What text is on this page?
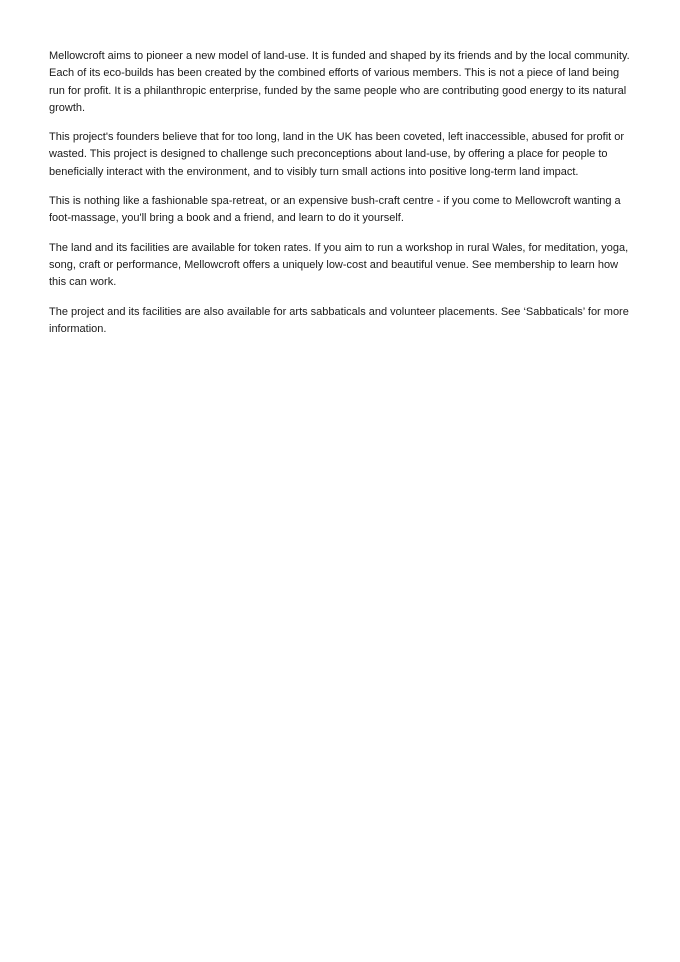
Mellowcroft aims to pioneer a new model of land-use. It is funded and shaped by its friends and by the local community. Each of its eco-builds has been created by the combined efforts of various members. This is not a piece of land being run for profit. It is a philanthropic enterprise, funded by the same people who are contributing good energy to its natural growth.

This project's founders believe that for too long, land in the UK has been coveted, left inaccessible, abused for profit or wasted. This project is designed to challenge such preconceptions about land-use, by offering a place for people to beneficially interact with the environment, and to visibly turn small actions into positive long-term land impact.

This is nothing like a fashionable spa-retreat, or an expensive bush-craft centre - if you come to Mellowcroft wanting a foot-massage, you'll bring a book and a friend, and learn to do it yourself.

The land and its facilities are available for token rates. If you aim to run a workshop in rural Wales, for meditation, yoga, song, craft or performance, Mellowcroft offers a uniquely low-cost and beautiful venue. See membership to learn how this can work.

The project and its facilities are also available for arts sabbaticals and volunteer placements. See ‘Sabbaticals’ for more information.
